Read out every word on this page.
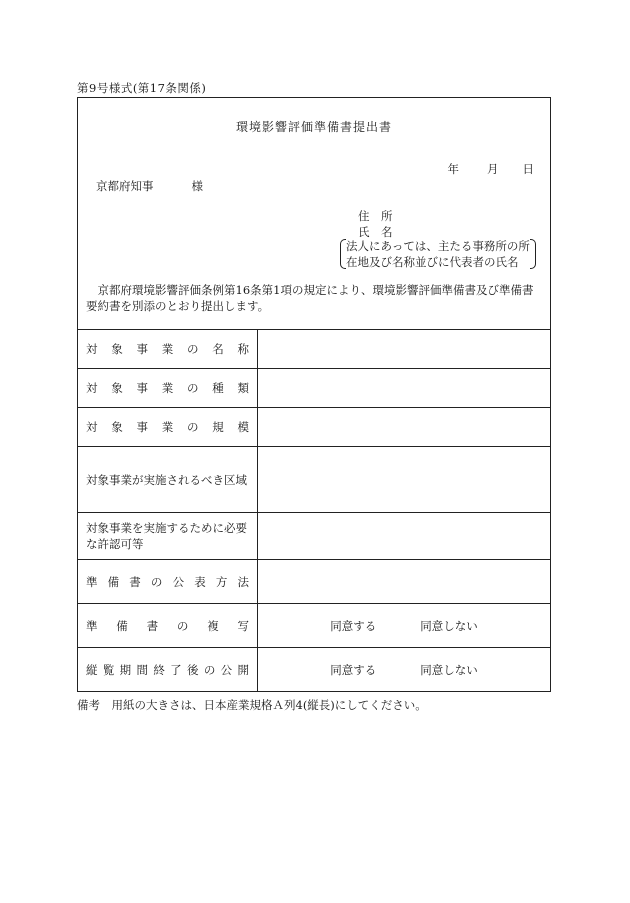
第9号様式(第17条関係)
環境影響評価準備書提出書
年 月 日
京都府知事	様
住　所
氏　名
法人にあっては、主たる事務所の所
在地及び名称並びに代表者の氏名
京都府環境影響評価条例第16条第1項の規定により、環境影響評価準備書及び準備書要約書を別添のとおり提出します。
対象事業の名称	

対象事業の種類	

対象事業の規模	

対象事業が実施されるべき区域	

対象事業を実施するために必要な許認可等	

準備書の公表方法	

準備書の複写	同意する 同意しない

縦覧期間終了後の公開	同意する 同意しない
備考　用紙の大きさは、日本産業規格Ａ列4(縦長)にしてください。
